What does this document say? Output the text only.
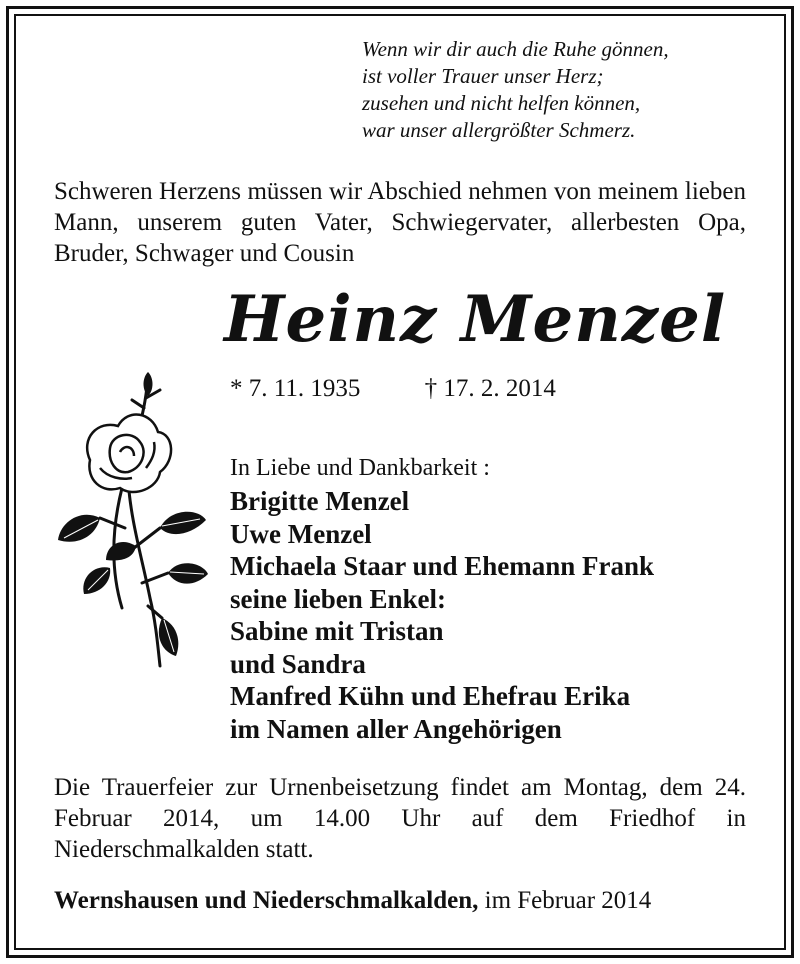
Wenn wir dir auch die Ruhe gönnen,
ist voller Trauer unser Herz;
zusehen und nicht helfen können,
war unser allergrößter Schmerz.
Schweren Herzens müssen wir Abschied nehmen von meinem lieben Mann, unserem guten Vater, Schwiegervater, allerbesten Opa, Bruder, Schwager und Cousin
Heinz Menzel
* 7. 11. 1935	† 17. 2. 2014
In Liebe und Dankbarkeit :
Brigitte Menzel
Uwe Menzel
Michaela Staar und Ehemann Frank
seine lieben Enkel:
Sabine mit Tristan
und Sandra
Manfred Kühn und Ehefrau Erika
im Namen aller Angehörigen
Die Trauerfeier zur Urnenbeisetzung findet am Montag, dem 24. Februar 2014, um 14.00 Uhr auf dem Friedhof in Niederschmalkalden statt.
Wernshausen und Niederschmalkalden, im Februar 2014
